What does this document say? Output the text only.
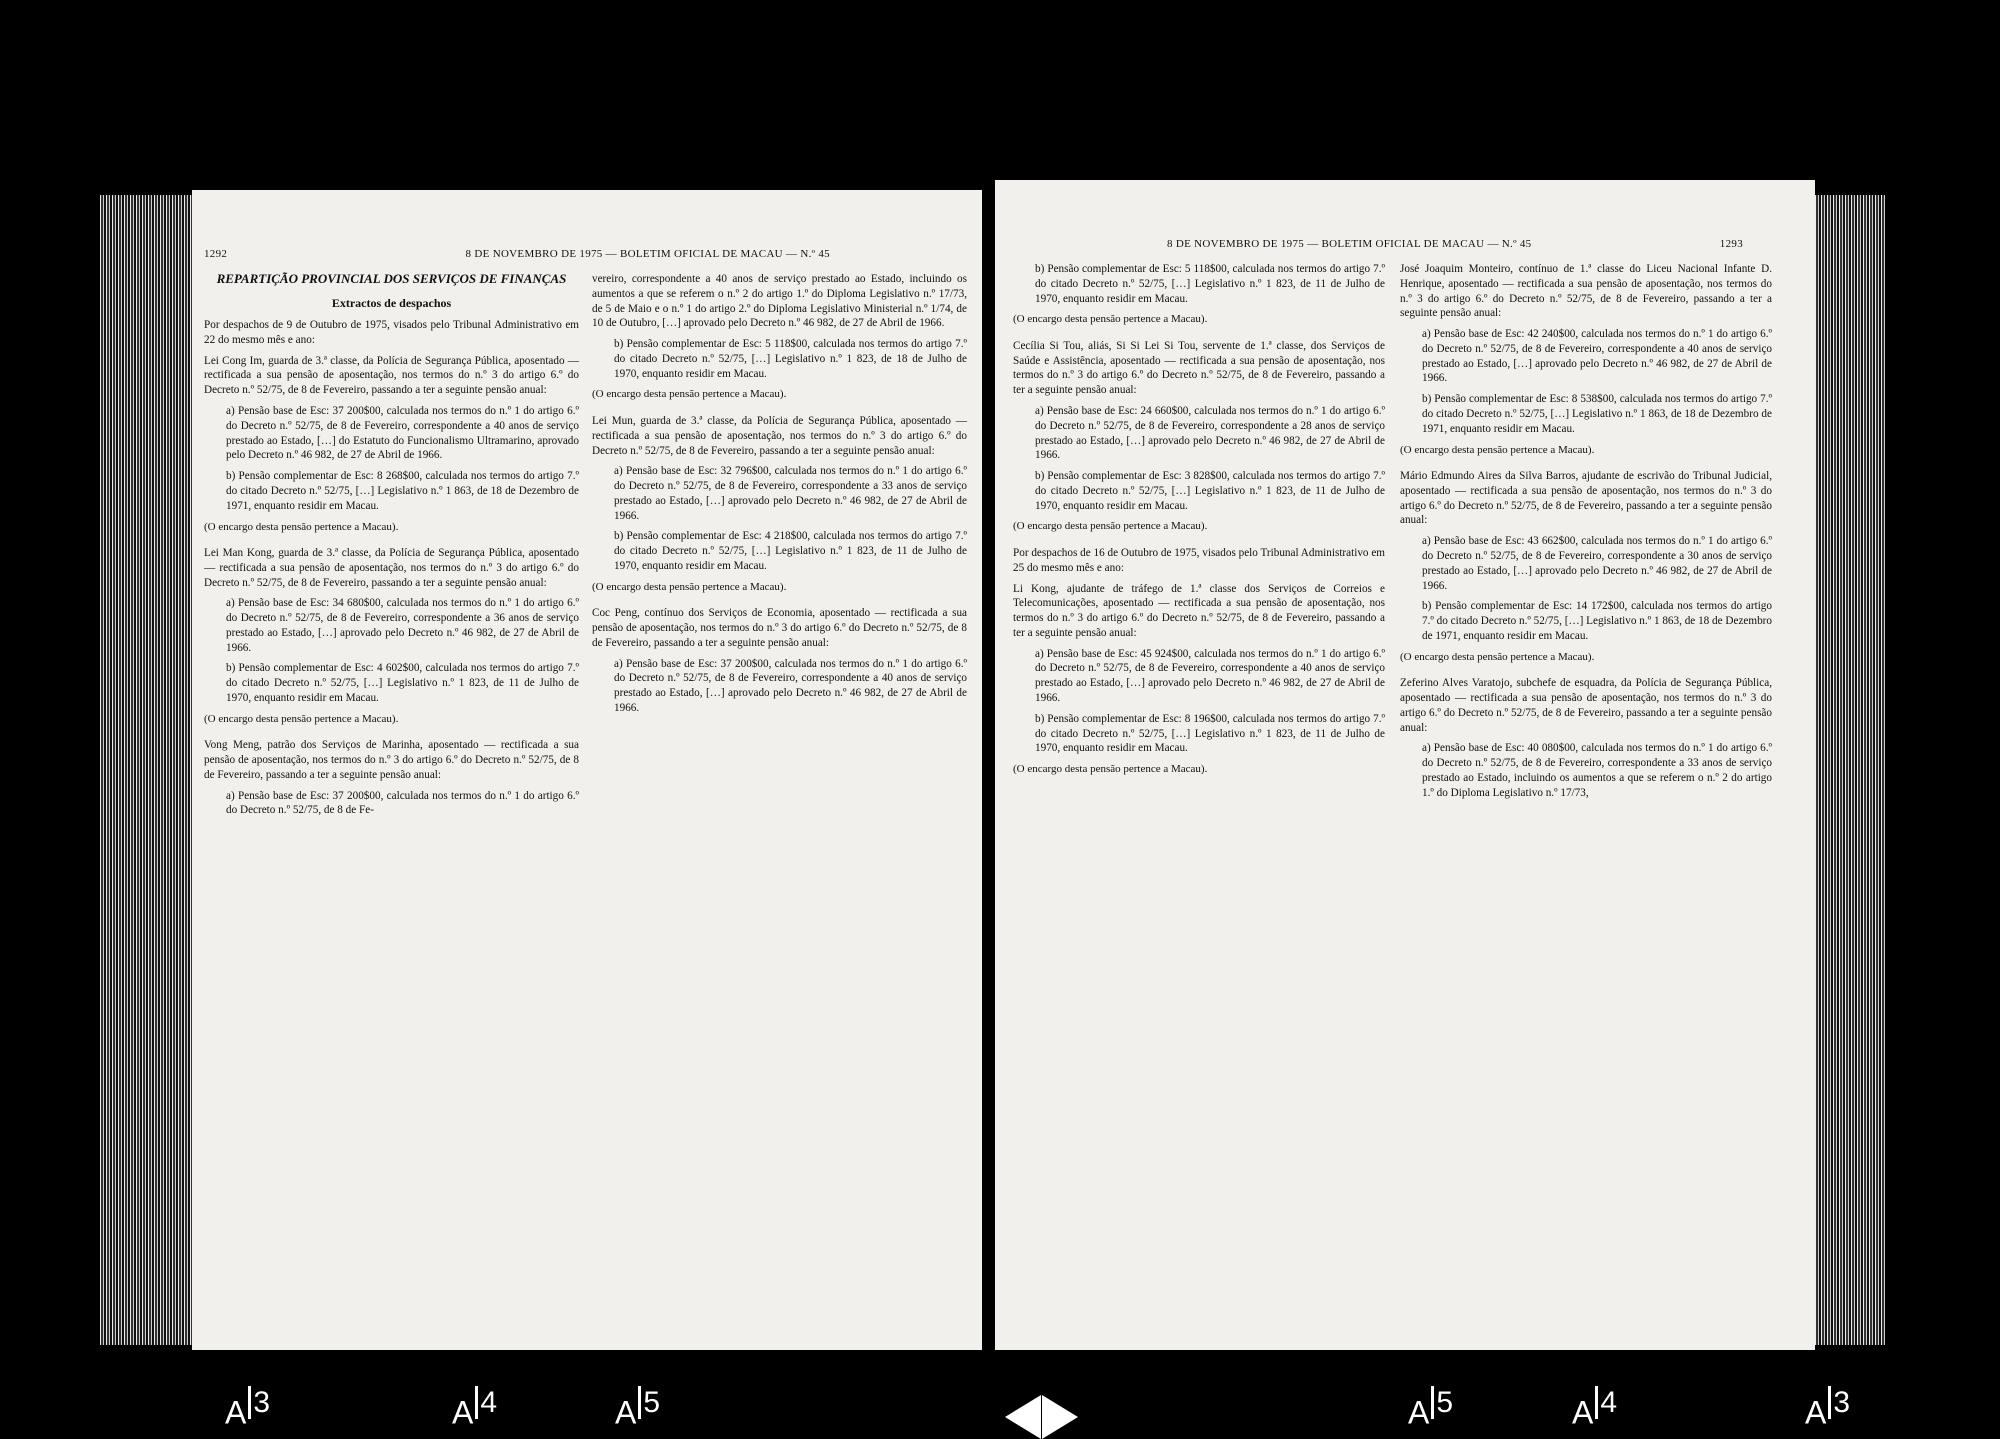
1292	8 DE NOVEMBRO DE 1975 — BOLETIM OFICIAL DE MACAU — N.º 45

REPARTIÇÃO PROVINCIAL DOS SERVIÇOS DE FINANÇAS

Extractos de despachos

Por despachos de 9 de Outubro de 1975, visados pelo Tribunal Administrativo em 22 do mesmo mês e ano:

Lei Cong Im, guarda de 3.ª classe, da Polícia de Segurança Pública, aposentado — rectificada a sua pensão de aposentação, nos termos do n.º 3 do artigo 6.º do Decreto n.º 52/75, de 8 de Fevereiro, passando a ter a seguinte pensão anual:

a) Pensão base de Esc: 37 200$00, calculada nos termos do n.º 1 do artigo 6.º do Decreto n.º 52/75, de 8 de Fevereiro, correspondente a 40 anos de serviço prestado ao Estado, […] do Estatuto do Funcionalismo Ultramarino, aprovado pelo Decreto n.º 46 982, de 27 de Abril de 1966.

b) Pensão complementar de Esc: 8 268$00, calculada nos termos do artigo 7.º do citado Decreto n.º 52/75, […] Legislativo n.º 1 863, de 18 de Dezembro de 1971, enquanto residir em Macau.

(O encargo desta pensão pertence a Macau).

Lei Man Kong, guarda de 3.ª classe, da Polícia de Segurança Pública, aposentado — rectificada a sua pensão de aposentação, nos termos do n.º 3 do artigo 6.º do Decreto n.º 52/75, de 8 de Fevereiro, passando a ter a seguinte pensão anual:

a) Pensão base de Esc: 34 680$00, calculada nos termos do n.º 1 do artigo 6.º do Decreto n.º 52/75, de 8 de Fevereiro, correspondente a 36 anos de serviço prestado ao Estado, […] aprovado pelo Decreto n.º 46 982, de 27 de Abril de 1966.

b) Pensão complementar de Esc: 4 602$00, calculada nos termos do artigo 7.º do citado Decreto n.º 52/75, […] Legislativo n.º 1 823, de 11 de Julho de 1970, enquanto residir em Macau.

(O encargo desta pensão pertence a Macau).

Vong Meng, patrão dos Serviços de Marinha, aposentado — rectificada a sua pensão de aposentação, nos termos do n.º 3 do artigo 6.º do Decreto n.º 52/75, de 8 de Fevereiro, passando a ter a seguinte pensão anual:

a) Pensão base de Esc: 37 200$00, calculada nos termos do n.º 1 do artigo 6.º do Decreto n.º 52/75, de 8 de Fe-

vereiro, correspondente a 40 anos de serviço prestado ao Estado, incluindo os aumentos a que se referem o n.º 2 do artigo 1.º do Diploma Legislativo n.º 17/73, de 5 de Maio e o n.º 1 do artigo 2.º do Diploma Legislativo Ministerial n.º 1/74, de 10 de Outubro, […] aprovado pelo Decreto n.º 46 982, de 27 de Abril de 1966.

b) Pensão complementar de Esc: 5 118$00, calculada nos termos do artigo 7.º do citado Decreto n.º 52/75, […] Legislativo n.º 1 823, de 18 de Julho de 1970, enquanto residir em Macau.

(O encargo desta pensão pertence a Macau).

Lei Mun, guarda de 3.ª classe, da Polícia de Segurança Pública, aposentado — rectificada a sua pensão de aposentação, nos termos do n.º 3 do artigo 6.º do Decreto n.º 52/75, de 8 de Fevereiro, passando a ter a seguinte pensão anual:

a) Pensão base de Esc: 32 796$00, calculada nos termos do n.º 1 do artigo 6.º do Decreto n.º 52/75, de 8 de Fevereiro, correspondente a 33 anos de serviço prestado ao Estado, […] aprovado pelo Decreto n.º 46 982, de 27 de Abril de 1966.

b) Pensão complementar de Esc: 4 218$00, calculada nos termos do artigo 7.º do citado Decreto n.º 52/75, […] Legislativo n.º 1 823, de 11 de Julho de 1970, enquanto residir em Macau.

(O encargo desta pensão pertence a Macau).

Coc Peng, contínuo dos Serviços de Economia, aposentado — rectificada a sua pensão de aposentação, nos termos do n.º 3 do artigo 6.º do Decreto n.º 52/75, de 8 de Fevereiro, passando a ter a seguinte pensão anual:

a) Pensão base de Esc: 37 200$00, calculada nos termos do n.º 1 do artigo 6.º do Decreto n.º 52/75, de 8 de Fevereiro, correspondente a 40 anos de serviço prestado ao Estado, […] aprovado pelo Decreto n.º 46 982, de 27 de Abril de 1966.

8 DE NOVEMBRO DE 1975 — BOLETIM OFICIAL DE MACAU — N.º 45	1293

b) Pensão complementar de Esc: 5 118$00, calculada nos termos do artigo 7.º do citado Decreto n.º 52/75, […] Legislativo n.º 1 823, de 11 de Julho de 1970, enquanto residir em Macau.

(O encargo desta pensão pertence a Macau).

Cecília Si Tou, aliás, Si Si Lei Si Tou, servente de 1.ª classe, dos Serviços de Saúde e Assistência, aposentado — rectificada a sua pensão de aposentação, nos termos do n.º 3 do artigo 6.º do Decreto n.º 52/75, de 8 de Fevereiro, passando a ter a seguinte pensão anual:

a) Pensão base de Esc: 24 660$00, calculada nos termos do n.º 1 do artigo 6.º do Decreto n.º 52/75, de 8 de Fevereiro, correspondente a 28 anos de serviço prestado ao Estado, […] aprovado pelo Decreto n.º 46 982, de 27 de Abril de 1966.

b) Pensão complementar de Esc: 3 828$00, calculada nos termos do artigo 7.º do citado Decreto n.º 52/75, […] Legislativo n.º 1 823, de 11 de Julho de 1970, enquanto residir em Macau.

(O encargo desta pensão pertence a Macau).

Por despachos de 16 de Outubro de 1975, visados pelo Tribunal Administrativo em 25 do mesmo mês e ano:

Li Kong, ajudante de tráfego de 1.ª classe dos Serviços de Correios e Telecomunicações, aposentado — rectificada a sua pensão de aposentação, nos termos do n.º 3 do artigo 6.º do Decreto n.º 52/75, de 8 de Fevereiro, passando a ter a seguinte pensão anual:

a) Pensão base de Esc: 45 924$00, calculada nos termos do n.º 1 do artigo 6.º do Decreto n.º 52/75, de 8 de Fevereiro, correspondente a 40 anos de serviço prestado ao Estado, […] aprovado pelo Decreto n.º 46 982, de 27 de Abril de 1966.

b) Pensão complementar de Esc: 8 196$00, calculada nos termos do artigo 7.º do citado Decreto n.º 52/75, […] Legislativo n.º 1 823, de 11 de Julho de 1970, enquanto residir em Macau.

(O encargo desta pensão pertence a Macau).

José Joaquim Monteiro, contínuo de 1.ª classe do Liceu Nacional Infante D. Henrique, aposentado — rectificada a sua pensão de aposentação, nos termos do n.º 3 do artigo 6.º do Decreto n.º 52/75, de 8 de Fevereiro, passando a ter a seguinte pensão anual:

a) Pensão base de Esc: 42 240$00, calculada nos termos do n.º 1 do artigo 6.º do Decreto n.º 52/75, de 8 de Fevereiro, correspondente a 40 anos de serviço prestado ao Estado, […] aprovado pelo Decreto n.º 46 982, de 27 de Abril de 1966.

b) Pensão complementar de Esc: 8 538$00, calculada nos termos do artigo 7.º do citado Decreto n.º 52/75, […] Legislativo n.º 1 863, de 18 de Dezembro de 1971, enquanto residir em Macau.

(O encargo desta pensão pertence a Macau).

Mário Edmundo Aires da Silva Barros, ajudante de escrivão do Tribunal Judicial, aposentado — rectificada a sua pensão de aposentação, nos termos do n.º 3 do artigo 6.º do Decreto n.º 52/75, de 8 de Fevereiro, passando a ter a seguinte pensão anual:

a) Pensão base de Esc: 43 662$00, calculada nos termos do n.º 1 do artigo 6.º do Decreto n.º 52/75, de 8 de Fevereiro, correspondente a 30 anos de serviço prestado ao Estado, […] aprovado pelo Decreto n.º 46 982, de 27 de Abril de 1966.

b) Pensão complementar de Esc: 14 172$00, calculada nos termos do artigo 7.º do citado Decreto n.º 52/75, […] Legislativo n.º 1 863, de 18 de Dezembro de 1971, enquanto residir em Macau.

(O encargo desta pensão pertence a Macau).

Zeferino Alves Varatojo, subchefe de esquadra, da Polícia de Segurança Pública, aposentado — rectificada a sua pensão de aposentação, nos termos do n.º 3 do artigo 6.º do Decreto n.º 52/75, de 8 de Fevereiro, passando a ter a seguinte pensão anual:

a) Pensão base de Esc: 40 080$00, calculada nos termos do n.º 1 do artigo 6.º do Decreto n.º 52/75, de 8 de Fevereiro, correspondente a 33 anos de serviço prestado ao Estado, incluindo os aumentos a que se referem o n.º 2 do artigo 1.º do Diploma Legislativo n.º 17/73,

A $^3$	A $^4$	A $^5$	A $^5$	A $^4$	A $^3$
